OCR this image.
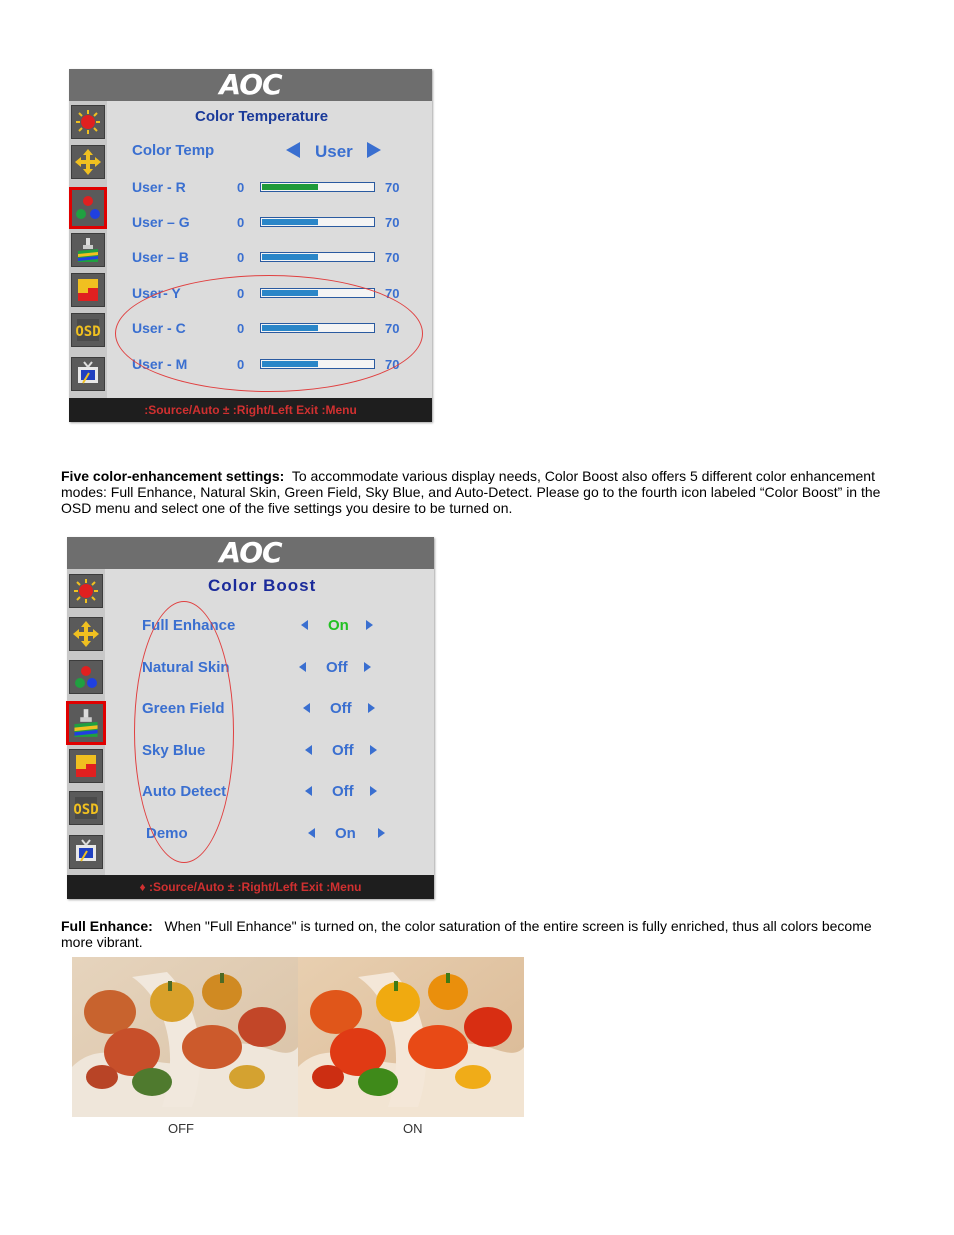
AOC
OSD
Color Temperature
Color Temp	User
User - R	0	70
User – G	0	70
User – B	0	70
User- Y	0	70
User - C	0	70
User - M	0	70
:Source/Auto ± :Right/Left Exit :Menu
Five color-enhancement settings: To accommodate various display needs, Color Boost also offers 5 different color enhancement modes: Full Enhance, Natural Skin, Green Field, Sky Blue, and Auto-Detect. Please go to the fourth icon labeled “Color Boost” in the OSD menu and select one of the five settings you desire to be turned on.
AOC
OSD
Color Boost
Full Enhance	On
Natural Skin	Off
Green Field	Off
Sky Blue	Off
Auto Detect	Off
Demo	On
♦ :Source/Auto ± :Right/Left Exit :Menu
Full Enhance: When "Full Enhance" is turned on, the color saturation of the entire screen is fully enriched, thus all colors become more vibrant.
OFF	ON
